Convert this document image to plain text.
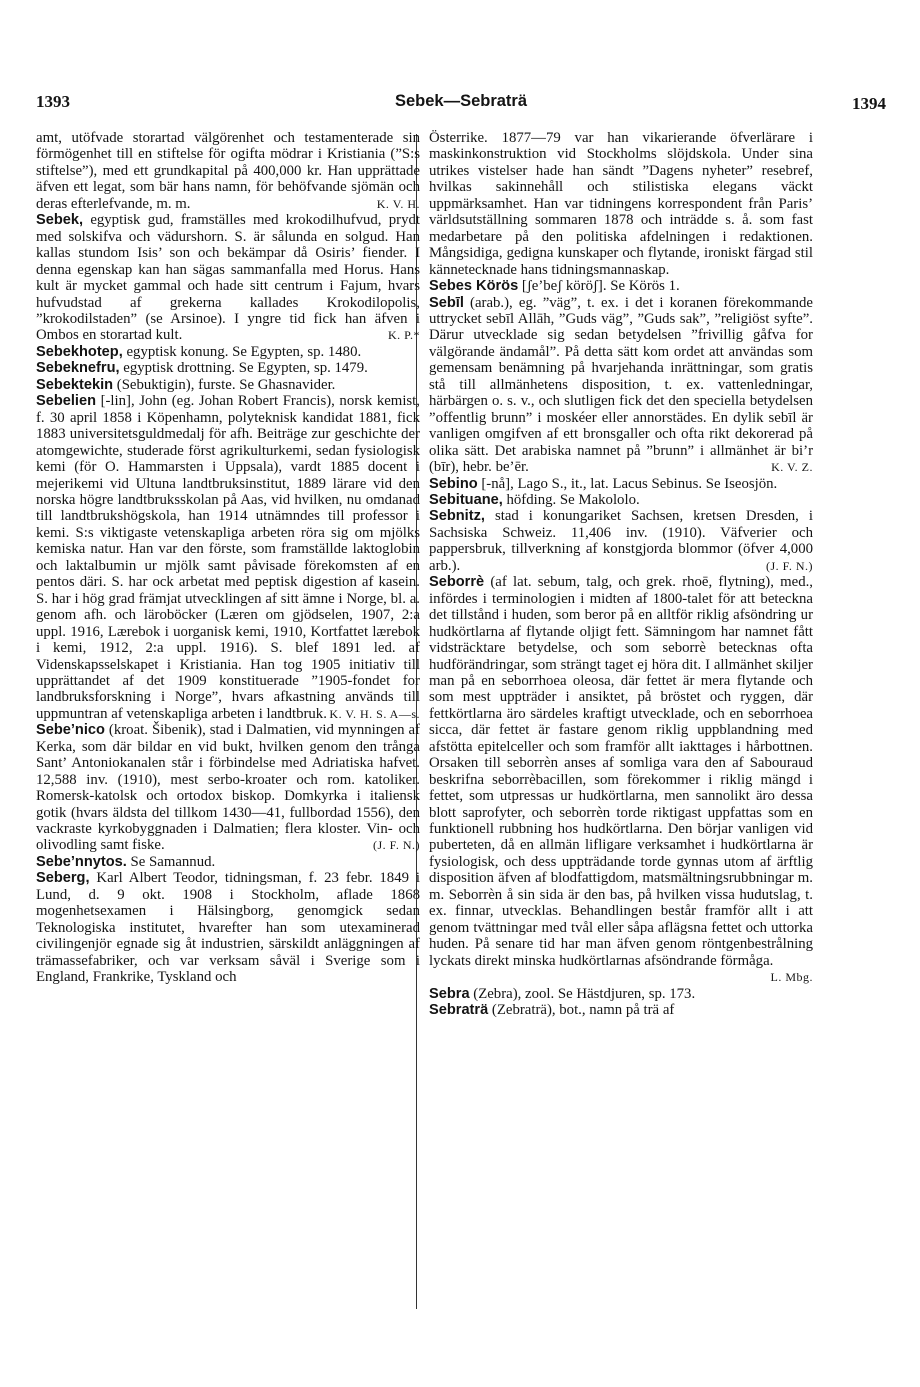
1393	Sebek—Sebraträ	1394

amt, utöfvade storartad välgörenhet och testamenterade sin förmögenhet till en stiftelse för ogifta mödrar i Kristiania (”S:s stiftelse”), med ett grundkapital på 400,000 kr. Han upprättade äfven ett legat, som bär hans namn, för behöfvande sjömän och deras efterlefvande, m. m.	K. V. H.

Sebek, egyptisk gud, framställes med krokodilhufvud, prydt med solskifva och vädurshorn. S. är sålunda en solgud. Han kallas stundom Isis’ son och bekämpar då Osiris’ fiender. I denna egenskap kan han sägas sammanfalla med Horus. Hans kult är mycket gammal och hade sitt centrum i Fajum, hvars hufvudstad af grekerna kallades Krokodilopolis, ”krokodilstaden” (se Arsinoe). I yngre tid fick han äfven i Ombos en storartad kult.	K. P.*

Sebekhotep, egyptisk konung. Se Egypten, sp. 1480.

Sebeknefru, egyptisk drottning. Se Egypten, sp. 1479.

Sebektekin (Sebuktigin), furste. Se Ghasnavider.

Sebelien [-lin], John (eg. Johan Robert Francis), norsk kemist, f. 30 april 1858 i Köpenhamn, polyteknisk kandidat 1881, fick 1883 universitetsguldmedalj för afh. Beiträge zur geschichte der atomgewichte, studerade först agrikulturkemi, sedan fysiologisk kemi (för O. Hammarsten i Uppsala), vardt 1885 docent i mejerikemi vid Ultuna landtbruksinstitut, 1889 lärare vid den norska högre landtbruksskolan på Aas, vid hvilken, nu omdanad till landtbrukshögskola, han 1914 utnämndes till professor i kemi. S:s viktigaste vetenskapliga arbeten röra sig om mjölks kemiska natur. Han var den förste, som framställde laktoglobin och laktalbumin ur mjölk samt påvisade förekomsten af en pentos däri. S. har ock arbetat med peptisk digestion af kasein. S. har i hög grad främjat utvecklingen af sitt ämne i Norge, bl. a. genom afh. och läroböcker (Læren om gjödselen, 1907, 2:a uppl. 1916, Lærebok i uorganisk kemi, 1910, Kortfattet lærebok i kemi, 1912, 2:a uppl. 1916). S. blef 1891 led. af Videnskapsselskapet i Kristiania. Han tog 1905 initiativ till upprättandet af det 1909 konstituerade ”1905-fondet for landbruksforskning i Norge”, hvars afkastning används till uppmuntran af vetenskapliga arbeten i landtbruk. K. V. H. S. A—s.

Sebe’nico (kroat. Šibenik), stad i Dalmatien, vid mynningen af Kerka, som där bildar en vid bukt, hvilken genom den trånga Sant’ Antoniokanalen står i förbindelse med Adriatiska hafvet. 12,588 inv. (1910), mest serbo-kroater och rom. katoliker. Romersk-katolsk och ortodox biskop. Domkyrka i italiensk gotik (hvars äldsta del tillkom 1430—41, fullbordad 1556), den vackraste kyrkobyggnaden i Dalmatien; flera kloster. Vin- och olivodling samt fiske.	(J. F. N.)

Sebe’nnytos. Se Samannud.

Seberg, Karl Albert Teodor, tidningsman, f. 23 febr. 1849 i Lund, d. 9 okt. 1908 i Stockholm, aflade 1868 mogenhetsexamen i Hälsingborg, genomgick sedan Teknologiska institutet, hvarefter han som utexaminerad civilingenjör egnade sig åt industrien, särskildt anläggningen af trämassefabriker, och var verksam såväl i Sverige som i England, Frankrike, Tyskland och

Österrike. 1877—79 var han vikarierande öfverlärare i maskinkonstruktion vid Stockholms slöjdskola. Under sina utrikes vistelser hade han sändt ”Dagens nyheter” resebref, hvilkas sakinnehåll och stilistiska elegans väckt uppmärksamhet. Han var tidningens korrespondent från Paris’ världsutställning sommaren 1878 och inträdde s. å. som fast medarbetare på den politiska afdelningen i redaktionen. Mångsidiga, gedigna kunskaper och flytande, ironiskt färgad stil kännetecknade hans tidningsmannaskap.

Sebes Körös [ʃe’beʃ köröʃ]. Se Körös 1.

Sebīl (arab.), eg. ”väg”, t. ex. i det i koranen förekommande uttrycket sebīl Allāh, ”Guds väg”, ”Guds sak”, ”religiöst syfte”. Därur utvecklade sig sedan betydelsen ”frivillig gåfva for välgörande ändamål”. På detta sätt kom ordet att användas som gemensam benämning på hvarjehanda inrättningar, som gratis stå till allmänhetens disposition, t. ex. vattenledningar, härbärgen o. s. v., och slutligen fick det den speciella betydelsen ”offentlig brunn” i moskéer eller annorstädes. En dylik sebīl är vanligen omgifven af ett bronsgaller och ofta rikt dekorerad på olika sätt. Det arabiska namnet på ”brunn” i allmänhet är bi’r (bīr), hebr. be’ēr.	K. V. Z.

Sebino [-nå], Lago S., it., lat. Lacus Sebinus. Se Iseosjön.

Sebituane, höfding. Se Makololo.

Sebnitz, stad i konungariket Sachsen, kretsen Dresden, i Sachsiska Schweiz. 11,406 inv. (1910). Väfverier och pappersbruk, tillverkning af konstgjorda blommor (öfver 4,000 arb.).	(J. F. N.)

Seborrè (af lat. sebum, talg, och grek. rhoē, flytning), med., infördes i terminologien i midten af 1800-talet för att beteckna det tillstånd i huden, som beror på en alltför riklig afsöndring ur hudkörtlarna af flytande oljigt fett. Sämningom har namnet fått vidsträcktare betydelse, och som seborrè betecknas ofta hudförändringar, som strängt taget ej höra dit. I allmänhet skiljer man på en seborrhoea oleosa, där fettet är mera flytande och som mest uppträder i ansiktet, på bröstet och ryggen, där fettkörtlarna äro särdeles kraftigt utvecklade, och en seborrhoea sicca, där fettet är fastare genom riklig uppblandning med afstötta epitelceller och som framför allt iakttages i hårbottnen. Orsaken till seborrèn anses af somliga vara den af Sabouraud beskrifna seborrèbacillen, som förekommer i riklig mängd i fettet, som utpressas ur hudkörtlarna, men sannolikt äro dessa blott saprofyter, och seborrèn torde riktigast uppfattas som en funktionell rubbning hos hudkörtlarna. Den börjar vanligen vid puberteten, då en allmän lifligare verksamhet i hudkörtlarna är fysiologisk, och dess uppträdande torde gynnas utom af ärftlig disposition äfven af blodfattigdom, matsmältningsrubbningar m. m. Seborrèn å sin sida är den bas, på hvilken vissa hudutslag, t. ex. finnar, utvecklas. Behandlingen består framför allt i att genom tvättningar med tvål eller såpa aflägsna fettet och uttorka huden. På senare tid har man äfven genom röntgenbestrålning lyckats direkt minska hudkörtlarnas afsöndrande förmåga.
L. Mbg.

Sebra (Zebra), zool. Se Hästdjuren, sp. 173.

Sebraträ (Zebraträ), bot., namn på trä af
